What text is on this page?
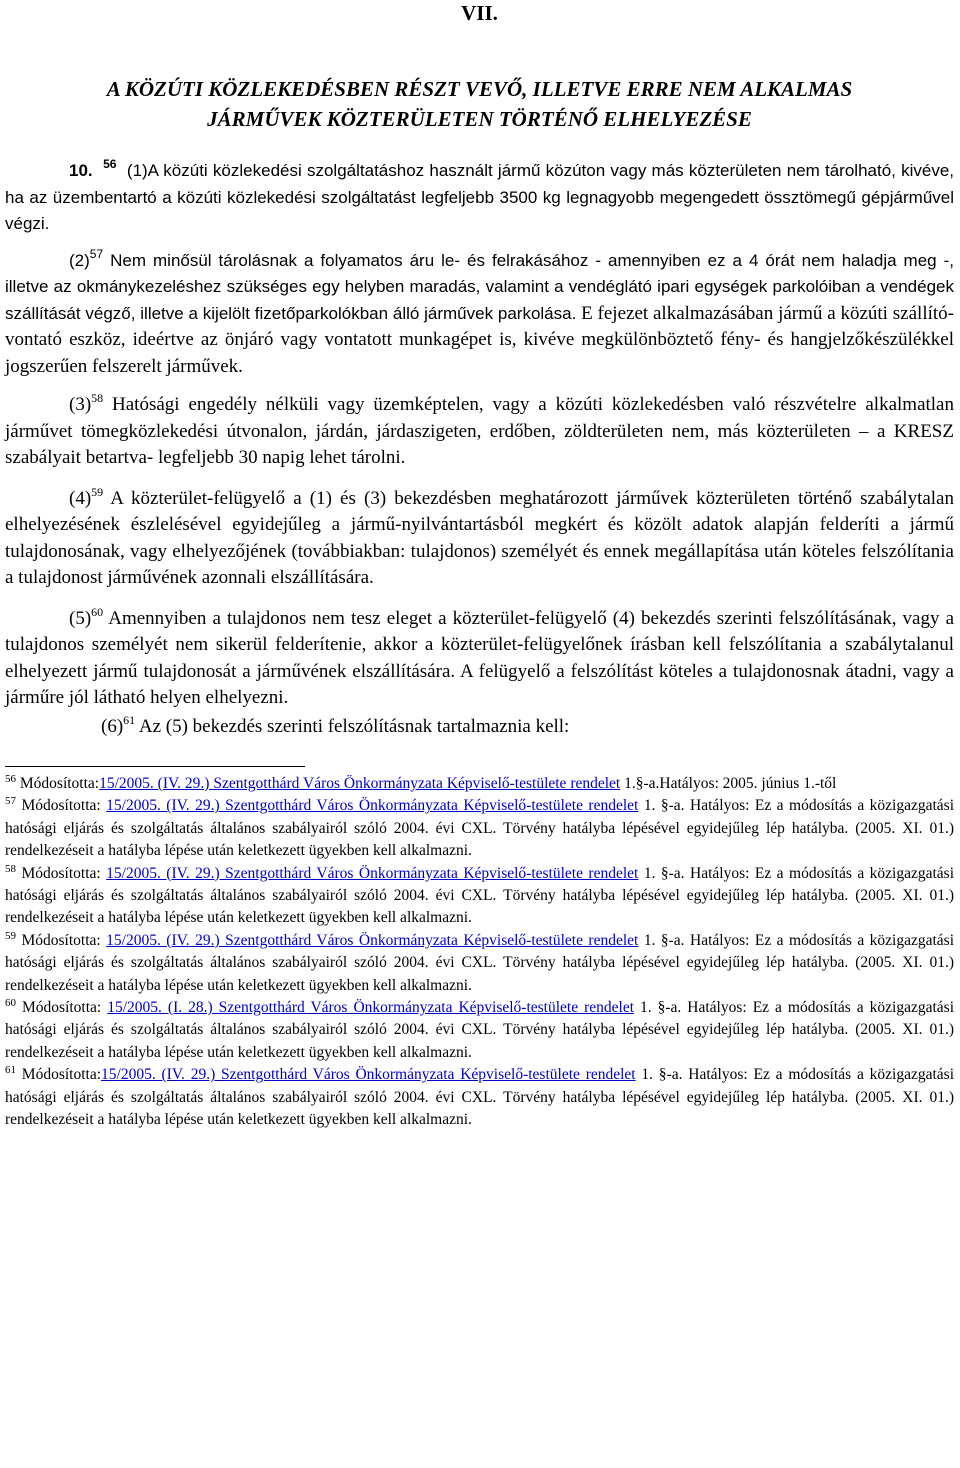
VII.
A KÖZÚTI KÖZLEKEDÉSBEN RÉSZT VEVŐ, ILLETVE ERRE NEM ALKALMAS
JÁRMŰVEK KÖZTERÜLETEN TÖRTÉNŐ ELHELYEZÉSE

10. $^{56}$ (1)A közúti közlekedési szolgáltatáshoz használt jármű közúton vagy más közterületen nem tárolható, kivéve, ha az üzembentartó a közúti közlekedési szolgáltatást legfeljebb 3500 kg legnagyobb megengedett össztömegű gépjárművel végzi.

$(2)^{57}$ Nem minősül tárolásnak a folyamatos áru le- és felrakásához - amennyiben ez a 4 órát nem haladja meg -, illetve az okmánykezeléshez szükséges egy helyben maradás, valamint a vendéglátó ipari egységek parkolóiban a vendégek szállítását végző, illetve a kijelölt fizetőparkolókban álló járművek parkolása. E fejezet alkalmazásában jármű a közúti szállító-vontató eszköz, ideértve az önjáró vagy vontatott munkagépet is, kivéve megkülönböztető fény- és hangjelzőkészülékkel jogszerűen felszerelt járművek.

$(3)^{58}$ Hatósági engedély nélküli vagy üzemképtelen, vagy a közúti közlekedésben való részvételre alkalmatlan járművet tömegközlekedési útvonalon, járdán, járdaszigeten, erdőben, zöldterületen nem, más közterületen – a KRESZ szabályait betartva- legfeljebb 30 napig lehet tárolni.

$(4)^{59}$ A közterület-felügyelő a (1) és (3) bekezdésben meghatározott járművek közterületen történő szabálytalan elhelyezésének észlelésével egyidejűleg a jármű-nyilvántartásból megkért és közölt adatok alapján felderíti a jármű tulajdonosának, vagy elhelyezőjének (továbbiakban: tulajdonos) személyét és ennek megállapítása után köteles felszólítania a tulajdonost járművének azonnali elszállítására.

$(5)^{60}$ Amennyiben a tulajdonos nem tesz eleget a közterület-felügyelő (4) bekezdés szerinti felszólításának, vagy a tulajdonos személyét nem sikerül felderítenie, akkor a közterület-felügyelőnek írásban kell felszólítania a szabálytalanul elhelyezett jármű tulajdonosát a járművének elszállítására. A felügyelő a felszólítást köteles a tulajdonosnak átadni, vagy a járműre jól látható helyen elhelyezni.

$(6)^{61}$ Az (5) bekezdés szerinti felszólításnak tartalmaznia kell:

$^{56}$ Módosította:15/2005. (IV. 29.) Szentgotthárd Város Önkormányzata Képviselő-testülete rendelet 1.§-a.Hatályos: 2005. június 1.-től

$^{57}$ Módosította: 15/2005. (IV. 29.) Szentgotthárd Város Önkormányzata Képviselő-testülete rendelet 1. §-a. Hatályos: Ez a módosítás a közigazgatási hatósági eljárás és szolgáltatás általános szabályairól szóló 2004. évi CXL. Törvény hatályba lépésével egyidejűleg lép hatályba. (2005. XI. 01.) rendelkezéseit a hatályba lépése után keletkezett ügyekben kell alkalmazni.

$^{58}$ Módosította: 15/2005. (IV. 29.) Szentgotthárd Város Önkormányzata Képviselő-testülete rendelet 1. §-a. Hatályos: Ez a módosítás a közigazgatási hatósági eljárás és szolgáltatás általános szabályairól szóló 2004. évi CXL. Törvény hatályba lépésével egyidejűleg lép hatályba. (2005. XI. 01.) rendelkezéseit a hatályba lépése után keletkezett ügyekben kell alkalmazni.

$^{59}$ Módosította: 15/2005. (IV. 29.) Szentgotthárd Város Önkormányzata Képviselő-testülete rendelet 1. §-a. Hatályos: Ez a módosítás a közigazgatási hatósági eljárás és szolgáltatás általános szabályairól szóló 2004. évi CXL. Törvény hatályba lépésével egyidejűleg lép hatályba. (2005. XI. 01.) rendelkezéseit a hatályba lépése után keletkezett ügyekben kell alkalmazni.

$^{60}$ Módosította: 15/2005. (I. 28.) Szentgotthárd Város Önkormányzata Képviselő-testülete rendelet 1. §-a. Hatályos: Ez a módosítás a közigazgatási hatósági eljárás és szolgáltatás általános szabályairól szóló 2004. évi CXL. Törvény hatályba lépésével egyidejűleg lép hatályba. (2005. XI. 01.) rendelkezéseit a hatályba lépése után keletkezett ügyekben kell alkalmazni.

$^{61}$ Módosította:15/2005. (IV. 29.) Szentgotthárd Város Önkormányzata Képviselő-testülete rendelet 1. §-a. Hatályos: Ez a módosítás a közigazgatási hatósági eljárás és szolgáltatás általános szabályairól szóló 2004. évi CXL. Törvény hatályba lépésével egyidejűleg lép hatályba. (2005. XI. 01.) rendelkezéseit a hatályba lépése után keletkezett ügyekben kell alkalmazni.
